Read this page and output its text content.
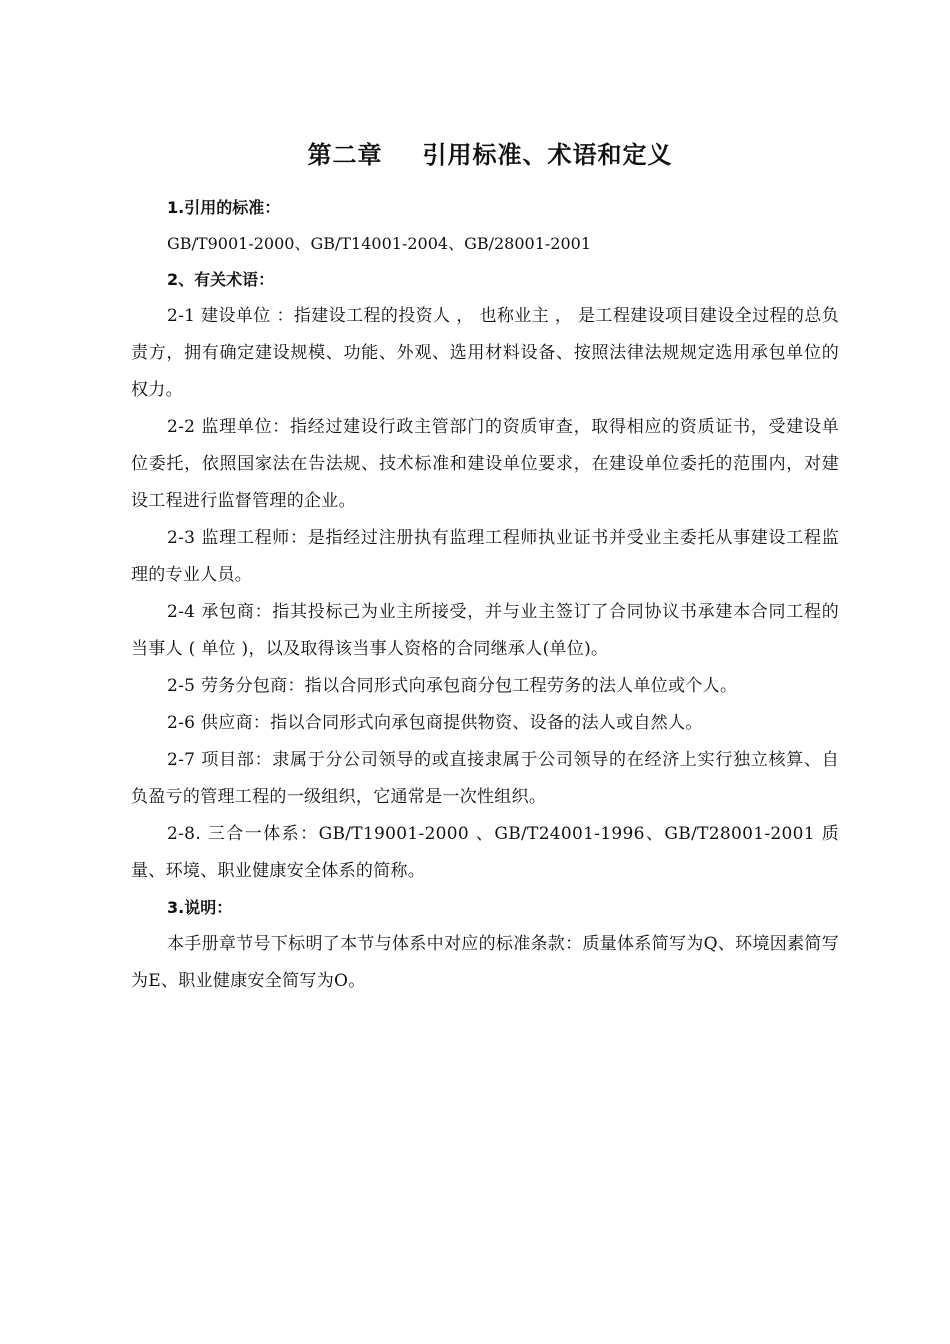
第二章 引用标准、术语和定义

1.引用的标准：

GB/T9001-2000、GB/T14001-2004、GB/28001-2001

2、有关术语：

2-1 建设单位 ：指建设工程的投资人 ， 也称业主 ， 是工程建设项目建设全过程的总负责方，拥有确定建设规模、功能、外观、选用材料设备、按照法律法规规定选用承包单位的权力。

2-2 监理单位：指经过建设行政主管部门的资质审查，取得相应的资质证书，受建设单位委托，依照国家法在告法规、技术标准和建设单位要求，在建设单位委托的范围内，对建设工程进行监督管理的企业。

2-3 监理工程师：是指经过注册执有监理工程师执业证书并受业主委托从事建设工程监理的专业人员。

2-4 承包商：指其投标己为业主所接受，并与业主签订了合同协议书承建本合同工程的当事人 ( 单位 )，以及取得该当事人资格的合同继承人(单位)。

2-5 劳务分包商：指以合同形式向承包商分包工程劳务的法人单位或个人。

2-6 供应商：指以合同形式向承包商提供物资、设备的法人或自然人。

2-7 项目部：隶属于分公司领导的或直接隶属于公司领导的在经济上实行独立核算、自负盈亏的管理工程的一级组织，它通常是一次性组织。

2-8. 三合一体系：GB/T19001-2000 、GB/T24001-1996、GB/T28001-2001 质量、环境、职业健康安全体系的简称。

3.说明：

本手册章节号下标明了本节与体系中对应的标准条款：质量体系简写为Q、环境因素简写为E、职业健康安全简写为O。
